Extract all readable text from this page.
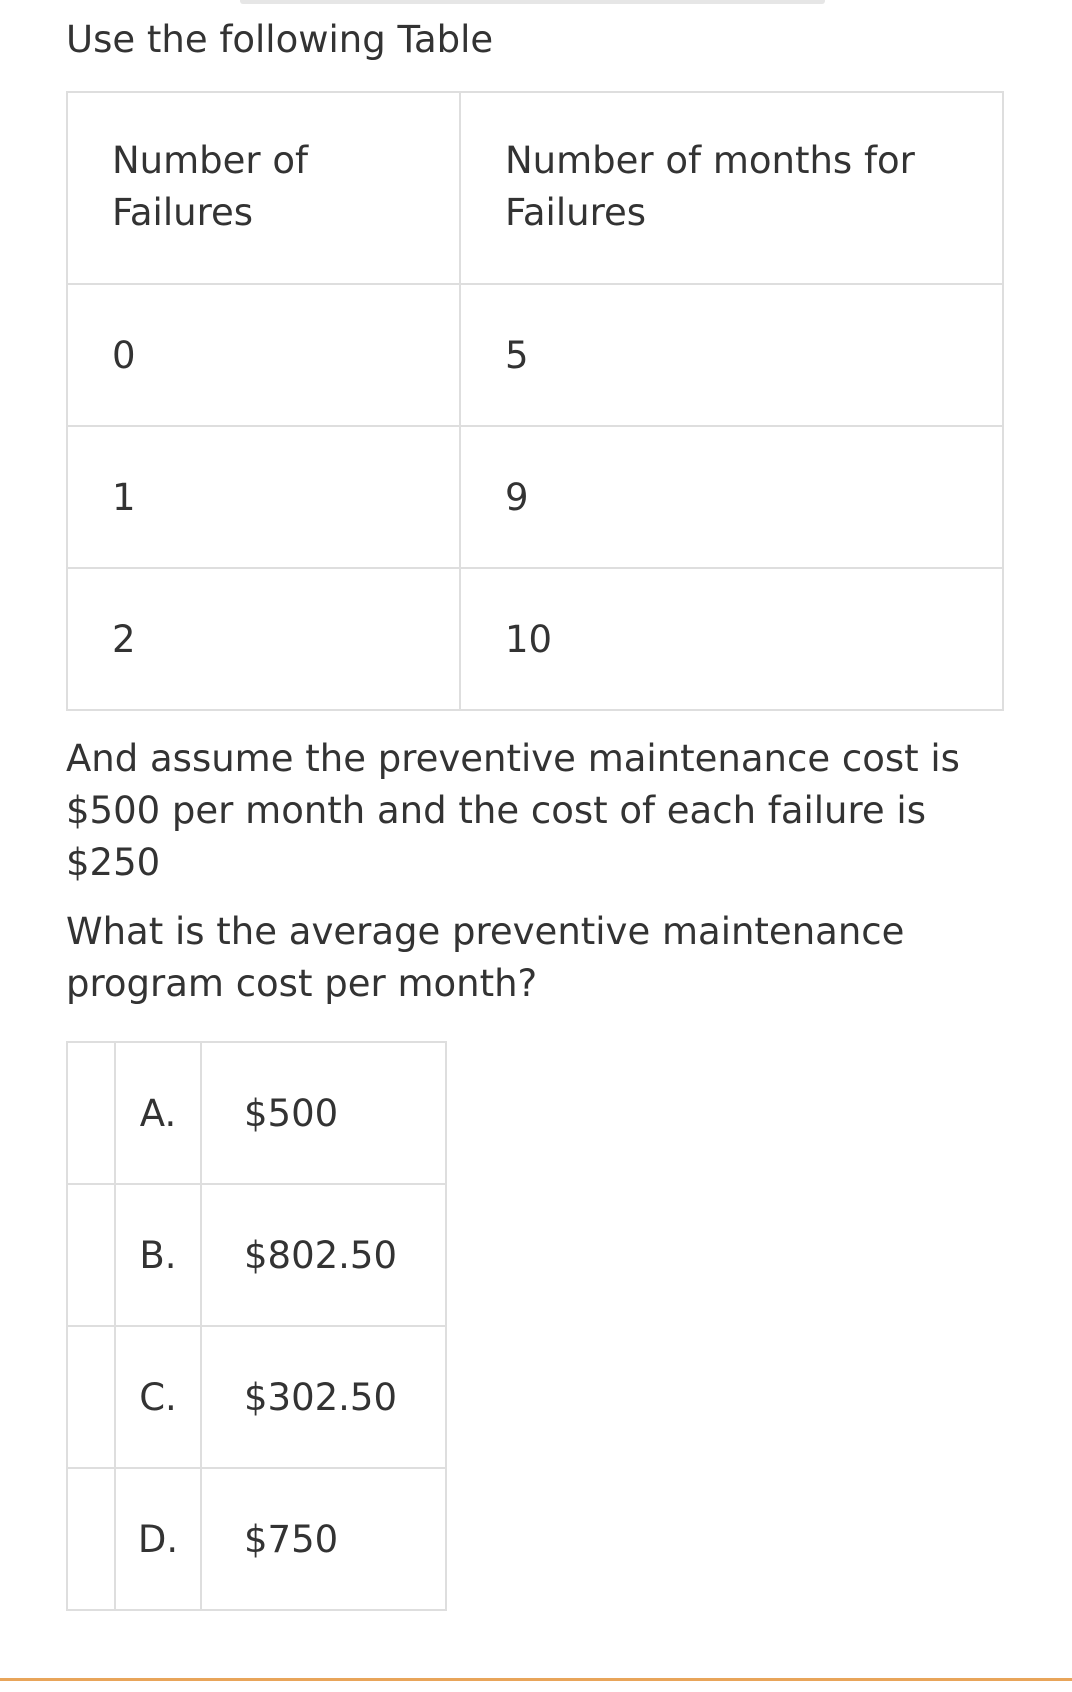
Use the following Table
Number of Failures	Number of months for Failures
0	5
1	9
2	10

And assume the preventive maintenance cost is $500 per month and the cost of each failure is $250

What is the average preventive maintenance program cost per month?

	A.	$500
	B.	$802.50
	C.	$302.50
	D.	$750
